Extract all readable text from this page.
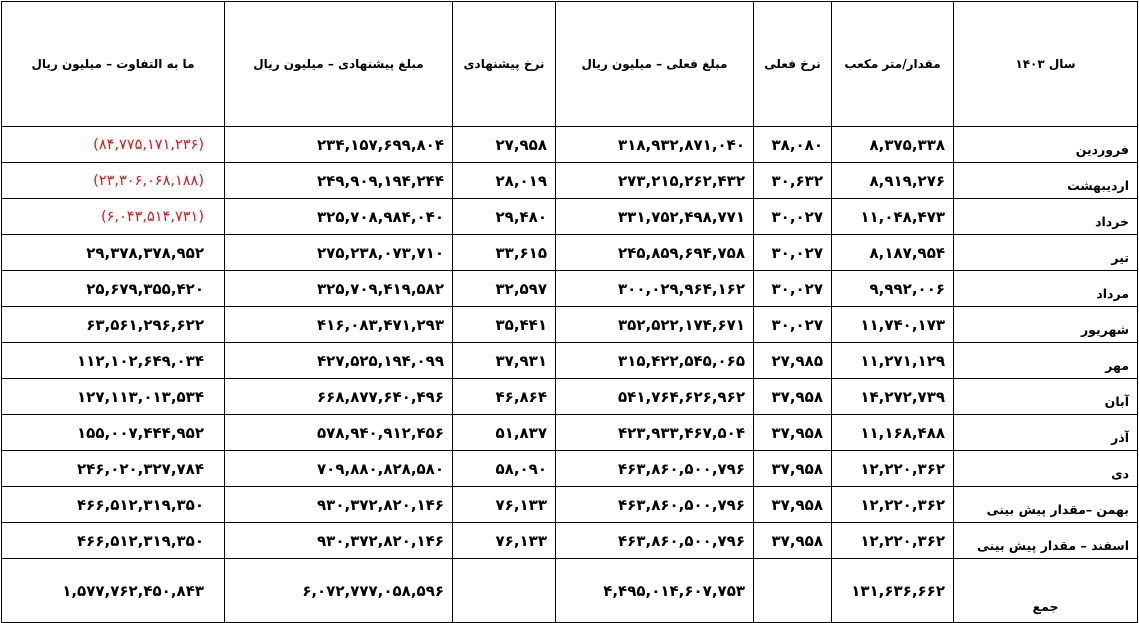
سال ۱۴۰۳	مقدار/متر مکعب	نرخ فعلی	مبلغ فعلی – میلیون ریال	نرخ پیشنهادی	مبلغ پیشنهادی – میلیون ریال	ما به التفاوت – میلیون ریال
فروردین	۸,۳۷۵,۳۳۸	۳۸,۰۸۰	۳۱۸,۹۳۲,۸۷۱,۰۴۰	۲۷,۹۵۸	۲۳۴,۱۵۷,۶۹۹,۸۰۴	(۸۴,۷۷۵,۱۷۱,۲۳۶)
اردیبهشت	۸,۹۱۹,۲۷۶	۳۰,۶۳۲	۲۷۳,۲۱۵,۲۶۲,۴۳۲	۲۸,۰۱۹	۲۴۹,۹۰۹,۱۹۴,۲۴۴	(۲۳,۳۰۶,۰۶۸,۱۸۸)
خرداد	۱۱,۰۴۸,۴۷۳	۳۰,۰۲۷	۳۳۱,۷۵۲,۴۹۸,۷۷۱	۲۹,۴۸۰	۳۲۵,۷۰۸,۹۸۴,۰۴۰	(۶,۰۴۳,۵۱۴,۷۳۱)
تیر	۸,۱۸۷,۹۵۴	۳۰,۰۲۷	۲۴۵,۸۵۹,۶۹۴,۷۵۸	۳۳,۶۱۵	۲۷۵,۲۳۸,۰۷۳,۷۱۰	۲۹,۳۷۸,۳۷۸,۹۵۲
مرداد	۹,۹۹۲,۰۰۶	۳۰,۰۲۷	۳۰۰,۰۲۹,۹۶۴,۱۶۲	۳۲,۵۹۷	۳۲۵,۷۰۹,۴۱۹,۵۸۲	۲۵,۶۷۹,۳۵۵,۴۲۰
شهریور	۱۱,۷۴۰,۱۷۳	۳۰,۰۲۷	۳۵۲,۵۲۲,۱۷۴,۶۷۱	۳۵,۴۴۱	۴۱۶,۰۸۳,۴۷۱,۲۹۳	۶۳,۵۶۱,۲۹۶,۶۲۲
مهر	۱۱,۲۷۱,۱۲۹	۲۷,۹۸۵	۳۱۵,۴۲۲,۵۴۵,۰۶۵	۳۷,۹۳۱	۴۲۷,۵۲۵,۱۹۴,۰۹۹	۱۱۲,۱۰۲,۶۴۹,۰۳۴
آبان	۱۴,۲۷۲,۷۳۹	۳۷,۹۵۸	۵۴۱,۷۶۴,۶۲۶,۹۶۲	۴۶,۸۶۴	۶۶۸,۸۷۷,۶۴۰,۴۹۶	۱۲۷,۱۱۳,۰۱۳,۵۳۴
آذر	۱۱,۱۶۸,۴۸۸	۳۷,۹۵۸	۴۲۳,۹۳۳,۴۶۷,۵۰۴	۵۱,۸۳۷	۵۷۸,۹۴۰,۹۱۲,۴۵۶	۱۵۵,۰۰۷,۴۴۴,۹۵۲
دی	۱۲,۲۲۰,۳۶۲	۳۷,۹۵۸	۴۶۳,۸۶۰,۵۰۰,۷۹۶	۵۸,۰۹۰	۷۰۹,۸۸۰,۸۲۸,۵۸۰	۲۴۶,۰۲۰,۳۲۷,۷۸۴
بهمن –مقدار پیش بینی	۱۲,۲۲۰,۳۶۲	۳۷,۹۵۸	۴۶۳,۸۶۰,۵۰۰,۷۹۶	۷۶,۱۳۳	۹۳۰,۳۷۲,۸۲۰,۱۴۶	۴۶۶,۵۱۲,۳۱۹,۳۵۰
اسفند – مقدار پیش بینی	۱۲,۲۲۰,۳۶۲	۳۷,۹۵۸	۴۶۳,۸۶۰,۵۰۰,۷۹۶	۷۶,۱۳۳	۹۳۰,۳۷۲,۸۲۰,۱۴۶	۴۶۶,۵۱۲,۳۱۹,۳۵۰
جمع	۱۳۱,۶۳۶,۶۶۲		۴,۴۹۵,۰۱۴,۶۰۷,۷۵۳		۶,۰۷۲,۷۷۷,۰۵۸,۵۹۶	۱,۵۷۷,۷۶۲,۴۵۰,۸۴۳
